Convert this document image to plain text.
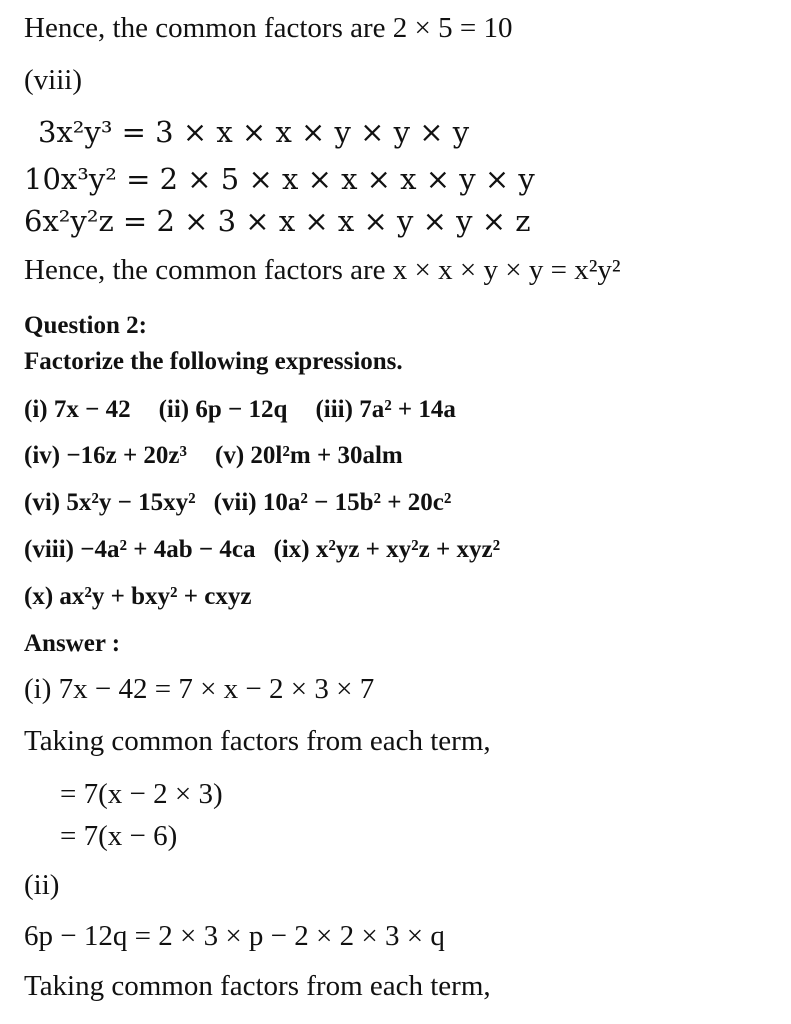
Hence, the common factors are 2 × 5 = 10
(viii)
3x²y³ = 3 × x × x × y × y × y
10x³y² = 2 × 5 × x × x × x × y × y
6x²y²z = 2 × 3 × x × x × y × y × z
Hence, the common factors are x × x × y × y = x²y²
Question 2:
Factorize the following expressions.
(i) 7x − 42 (ii) 6p − 12q (iii) 7a² + 14a
(iv) −16z + 20z³ (v) 20l²m + 30alm
(vi) 5x²y − 15xy² (vii) 10a² − 15b² + 20c²
(viii) −4a² + 4ab − 4ca (ix) x²yz + xy²z + xyz²
(x) ax²y + bxy² + cxyz
Answer :
(i) 7x − 42 = 7 × x − 2 × 3 × 7
Taking common factors from each term,
= 7(x − 2 × 3)
= 7(x − 6)
(ii)
6p − 12q = 2 × 3 × p − 2 × 2 × 3 × q
Taking common factors from each term,
